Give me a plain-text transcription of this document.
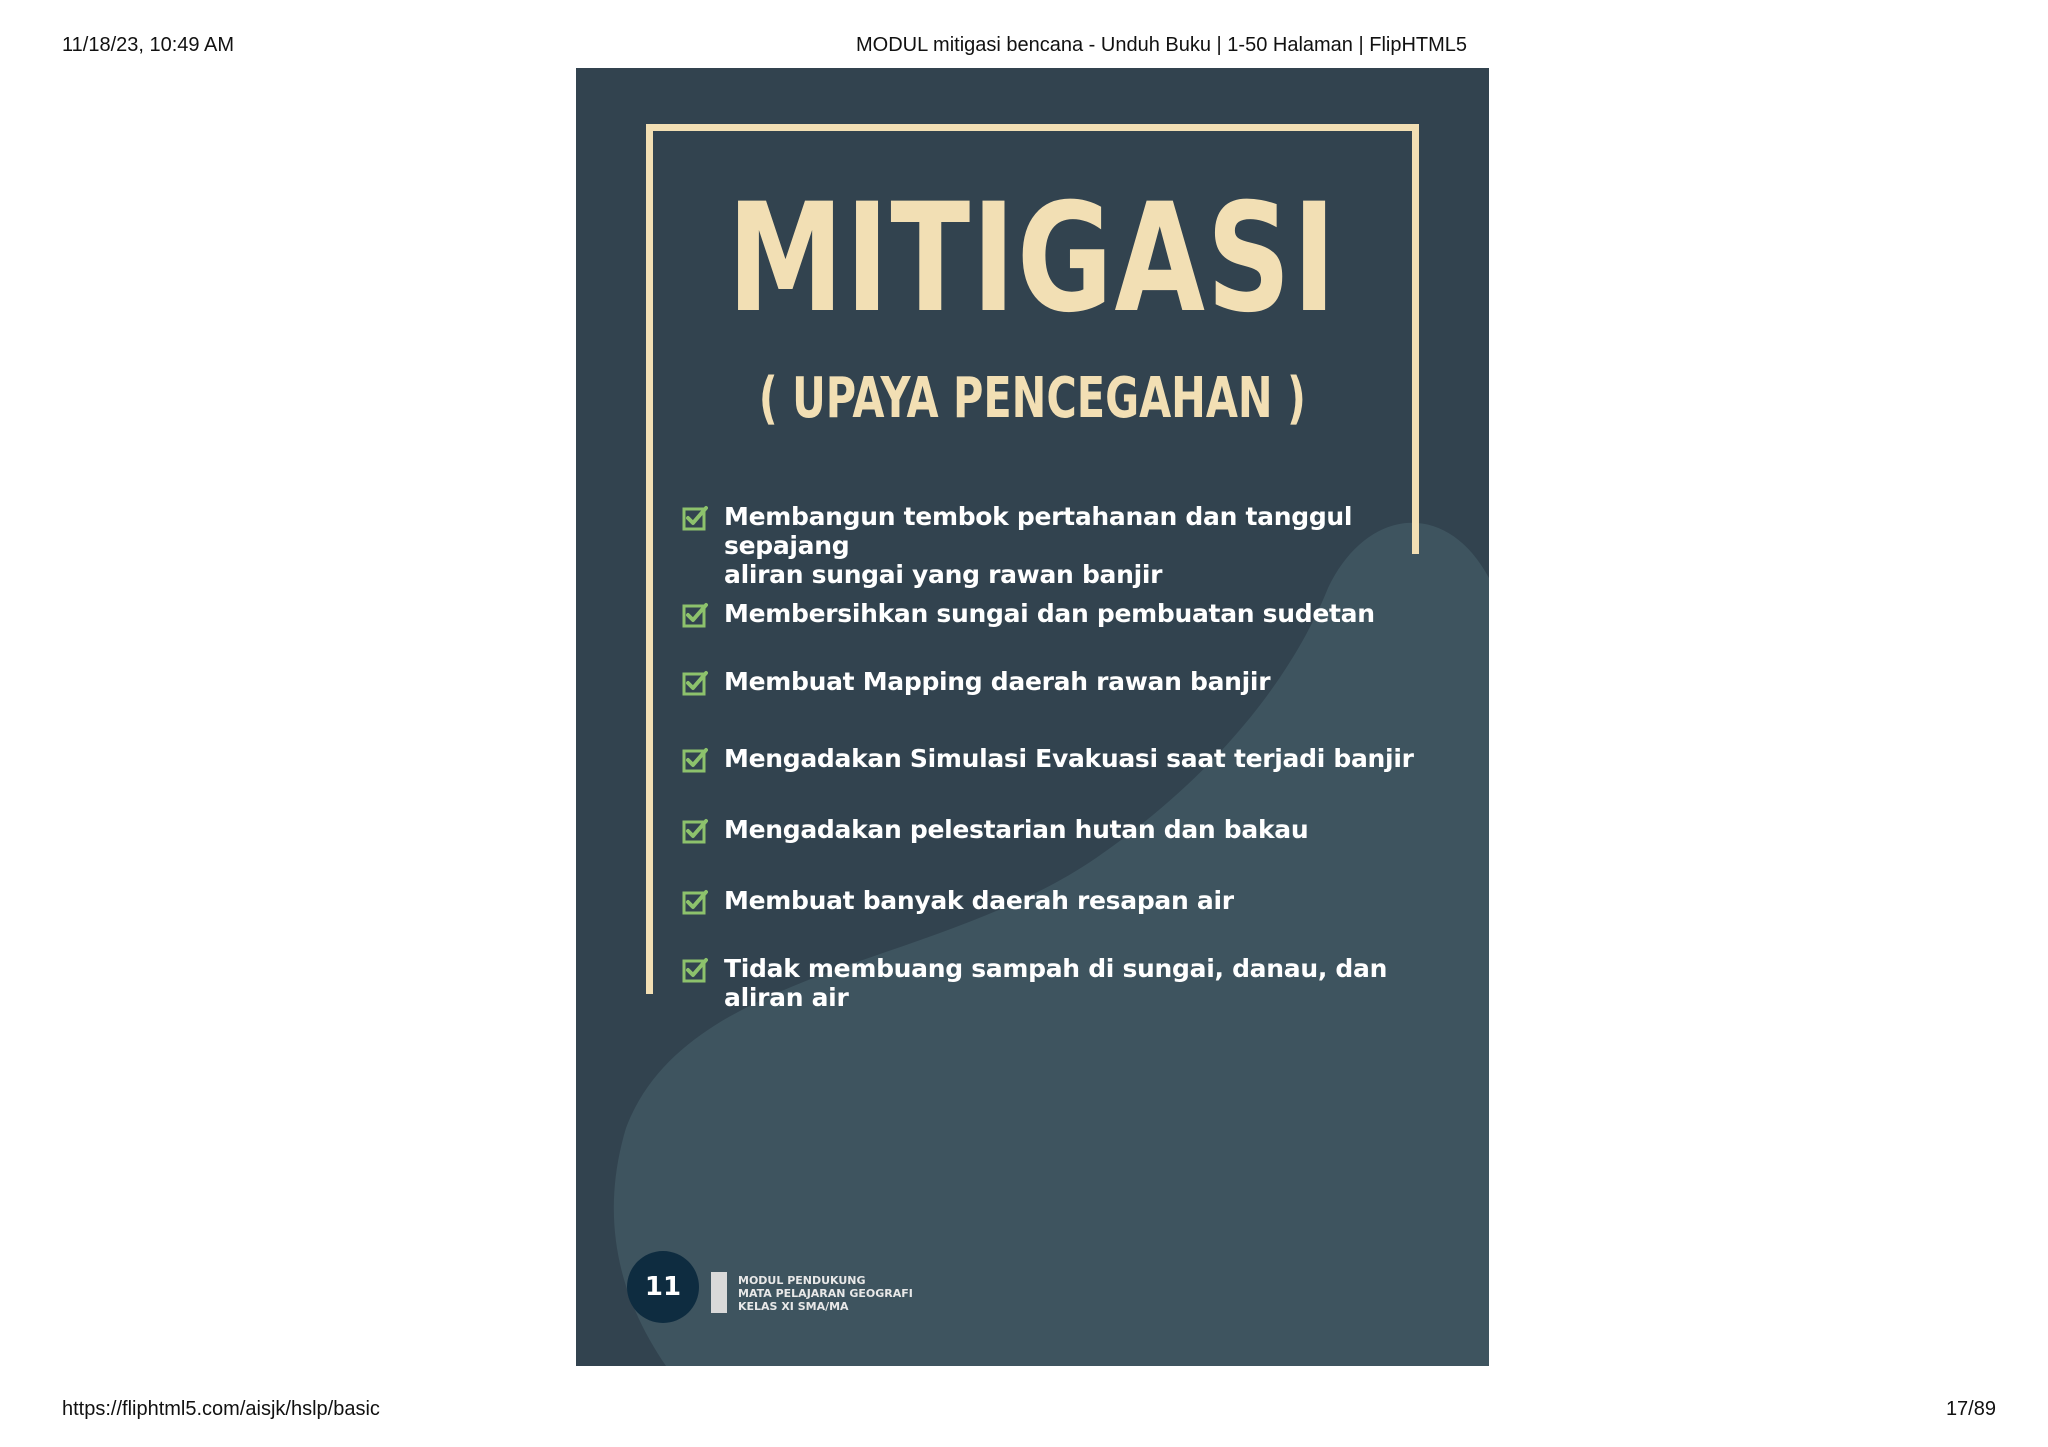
11/18/23, 10:49 AM	MODUL mitigasi bencana - Unduh Buku | 1-50 Halaman | FlipHTML5
MITIGASI
( UPAYA PENCEGAHAN )
Membangun tembok pertahanan dan tanggul sepajang
aliran sungai yang rawan banjir
Membersihkan sungai dan pembuatan sudetan
Membuat Mapping daerah rawan banjir
Mengadakan Simulasi Evakuasi saat terjadi banjir
Mengadakan pelestarian hutan dan bakau
Membuat banyak daerah resapan air
Tidak membuang sampah di sungai, danau, dan aliran air
11	MODUL PENDUKUNG
MATA PELAJARAN GEOGRAFI
KELAS XI SMA/MA
https://fliphtml5.com/aisjk/hslp/basic	17/89
